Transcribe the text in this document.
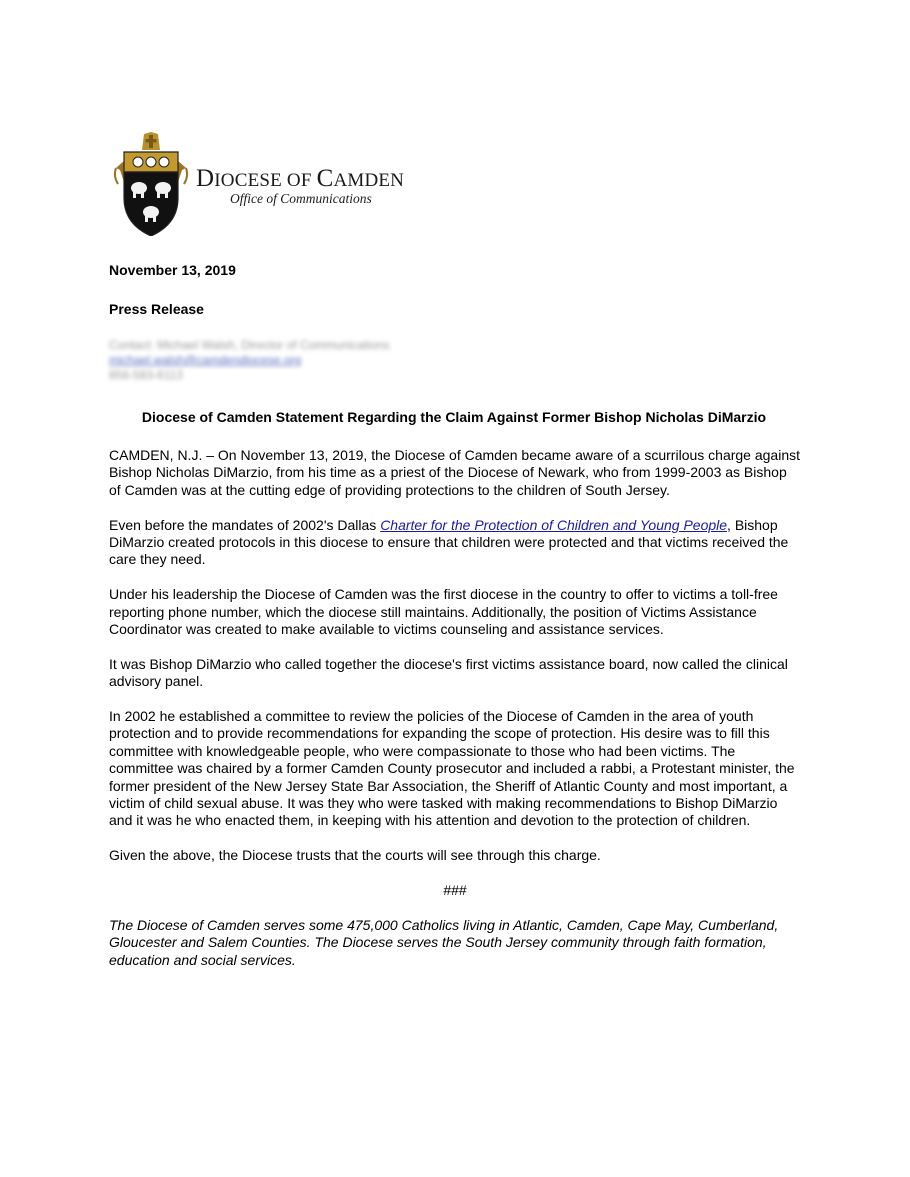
DIOCESE OF CAMDEN
Office of Communications
November 13, 2019
Press Release
Contact: Michael Walsh, Director of Communications
michael.walsh@camdendiocese.org
856-583-6113
Diocese of Camden Statement Regarding the Claim Against Former Bishop Nicholas DiMarzio

CAMDEN, N.J. – On November 13, 2019, the Diocese of Camden became aware of a scurrilous charge against Bishop Nicholas DiMarzio, from his time as a priest of the Diocese of Newark, who from 1999-2003 as Bishop of Camden was at the cutting edge of providing protections to the children of South Jersey.

Even before the mandates of 2002's Dallas Charter for the Protection of Children and Young People, Bishop DiMarzio created protocols in this diocese to ensure that children were protected and that victims received the care they need.

Under his leadership the Diocese of Camden was the first diocese in the country to offer to victims a toll-free reporting phone number, which the diocese still maintains. Additionally, the position of Victims Assistance Coordinator was created to make available to victims counseling and assistance services.

It was Bishop DiMarzio who called together the diocese's first victims assistance board, now called the clinical advisory panel.

In 2002 he established a committee to review the policies of the Diocese of Camden in the area of youth protection and to provide recommendations for expanding the scope of protection. His desire was to fill this committee with knowledgeable people, who were compassionate to those who had been victims. The committee was chaired by a former Camden County prosecutor and included a rabbi, a Protestant minister, the former president of the New Jersey State Bar Association, the Sheriff of Atlantic County and most important, a victim of child sexual abuse. It was they who were tasked with making recommendations to Bishop DiMarzio and it was he who enacted them, in keeping with his attention and devotion to the protection of children.

Given the above, the Diocese trusts that the courts will see through this charge.

###

The Diocese of Camden serves some 475,000 Catholics living in Atlantic, Camden, Cape May, Cumberland, Gloucester and Salem Counties. The Diocese serves the South Jersey community through faith formation, education and social services.
